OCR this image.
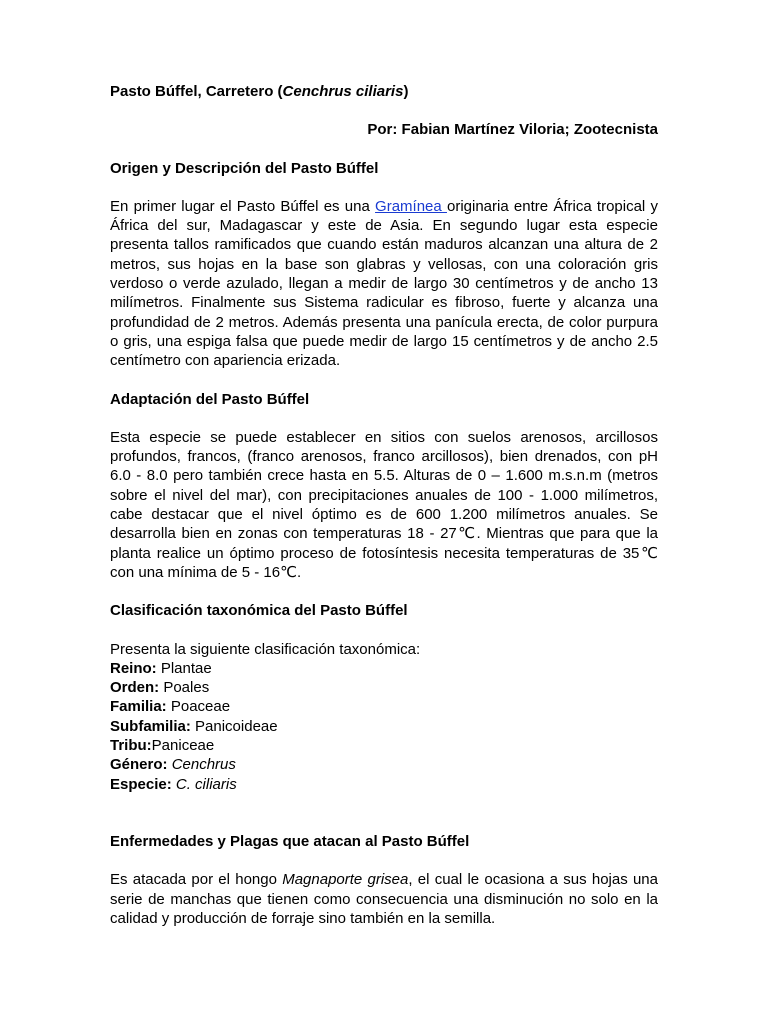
Pasto Búffel, Carretero (Cenchrus ciliaris)

Por: Fabian Martínez Viloria; Zootecnista

Origen y Descripción del Pasto Búffel

En primer lugar el Pasto Búffel es una Gramínea originaria entre África tropical y África del sur, Madagascar y este de Asia. En segundo lugar esta especie presenta tallos ramificados que cuando están maduros alcanzan una altura de 2 metros, sus hojas en la base son glabras y vellosas, con una coloración gris verdoso o verde azulado, llegan a medir de largo 30 centímetros y de ancho 13 milímetros. Finalmente sus Sistema radicular es fibroso, fuerte y alcanza una profundidad de 2 metros. Además presenta una panícula erecta, de color purpura o gris, una espiga falsa que puede medir de largo 15 centímetros y de ancho 2.5 centímetro con apariencia erizada.

Adaptación del Pasto Búffel

Esta especie se puede establecer en sitios con suelos arenosos, arcillosos profundos, francos, (franco arenosos, franco arcillosos), bien drenados, con pH 6.0 - 8.0 pero también crece hasta en 5.5. Alturas de 0 – 1.600 m.s.n.m (metros sobre el nivel del mar), con precipitaciones anuales de 100 - 1.000 milímetros, cabe destacar que el nivel óptimo es de 600 1.200 milímetros anuales. Se desarrolla bien en zonas con temperaturas 18 - 27℃. Mientras que para que la planta realice un óptimo proceso de fotosíntesis necesita temperaturas de 35℃ con una mínima de 5 - 16℃.

Clasificación taxonómica del Pasto Búffel

Presenta la siguiente clasificación taxonómica:

Reino: Plantae

Orden: Poales

Familia: Poaceae

Subfamilia: Panicoideae

Tribu:Paniceae

Género: Cenchrus

Especie: C. ciliaris

Enfermedades y Plagas que atacan al Pasto Búffel

Es atacada por el hongo Magnaporte grisea, el cual le ocasiona a sus hojas una serie de manchas que tienen como consecuencia una disminución no solo en la calidad y producción de forraje sino también en la semilla.
